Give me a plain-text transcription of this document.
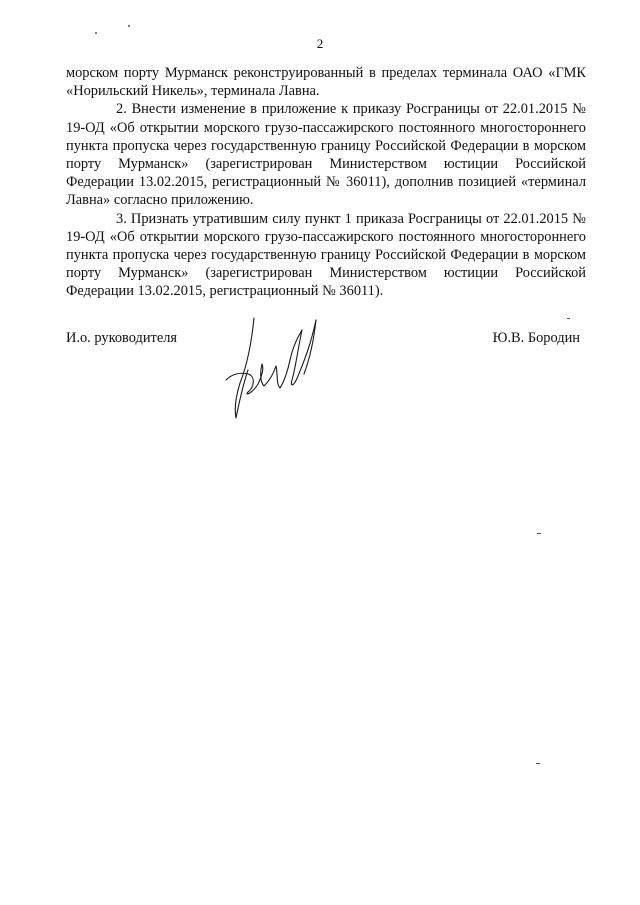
2

морском порту Мурманск реконструированный в пределах терминала ОАО «ГМК «Норильский Никель», терминала Лавна.

2. Внести изменение в приложение к приказу Росграницы от 22.01.2015 № 19-ОД «Об открытии морского грузо-пассажирского постоянного многостороннего пункта пропуска через государственную границу Российской Федерации в морском порту Мурманск» (зарегистрирован Министерством юстиции Российской Федерации 13.02.2015, регистрационный № 36011), дополнив позицией «терминал Лавна» согласно приложению.

3. Признать утратившим силу пункт 1 приказа Росграницы от 22.01.2015 № 19-ОД «Об открытии морского грузо-пассажирского постоянного многостороннего пункта пропуска через государственную границу Российской Федерации в морском порту Мурманск» (зарегистрирован Министерством юстиции Российской Федерации 13.02.2015, регистрационный № 36011).

И.о. руководителя	Ю.В. Бородин
